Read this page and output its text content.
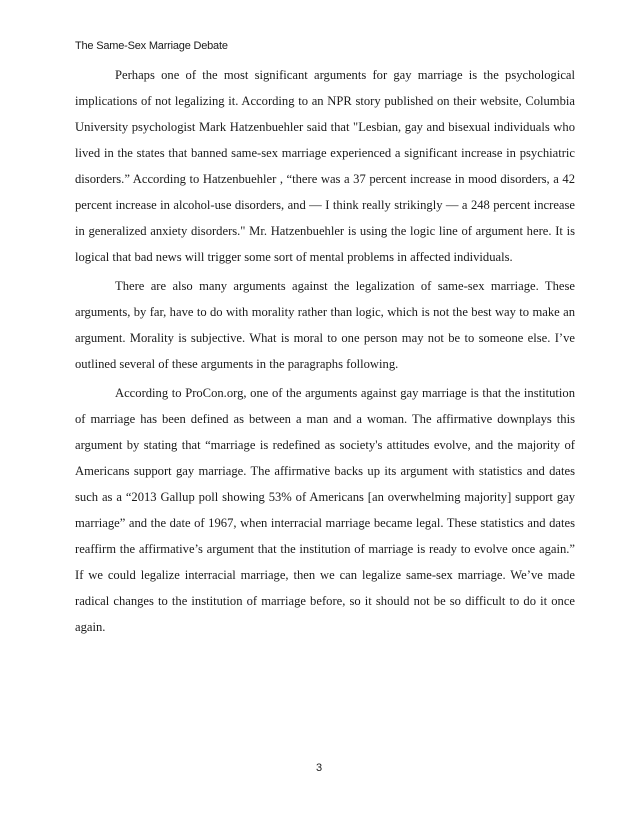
The Same-Sex Marriage Debate

Perhaps one of the most significant arguments for gay marriage is the psychological implications of not legalizing it. According to an NPR story published on their website, Columbia University psychologist Mark Hatzenbuehler said that "Lesbian, gay and bisexual individuals who lived in the states that banned same-sex marriage experienced a significant increase in psychiatric disorders.” According to Hatzenbuehler , “there was a 37 percent increase in mood disorders, a 42 percent increase in alcohol-use disorders, and — I think really strikingly — a 248 percent increase in generalized anxiety disorders." Mr. Hatzenbuehler is using the logic line of argument here. It is logical that bad news will trigger some sort of mental problems in affected individuals.

There are also many arguments against the legalization of same-sex marriage. These arguments, by far, have to do with morality rather than logic, which is not the best way to make an argument. Morality is subjective. What is moral to one person may not be to someone else. I’ve outlined several of these arguments in the paragraphs following.

According to ProCon.org, one of the arguments against gay marriage is that the institution of marriage has been defined as between a man and a woman. The affirmative downplays this argument by stating that “marriage is redefined as society's attitudes evolve, and the majority of Americans support gay marriage. The affirmative backs up its argument with statistics and dates such as a “2013 Gallup poll showing 53% of Americans [an overwhelming majority] support gay marriage” and the date of 1967, when interracial marriage became legal. These statistics and dates reaffirm the affirmative’s argument that the institution of marriage is ready to evolve once again.” If we could legalize interracial marriage, then we can legalize same-sex marriage. We’ve made radical changes to the institution of marriage before, so it should not be so difficult to do it once again.

3
